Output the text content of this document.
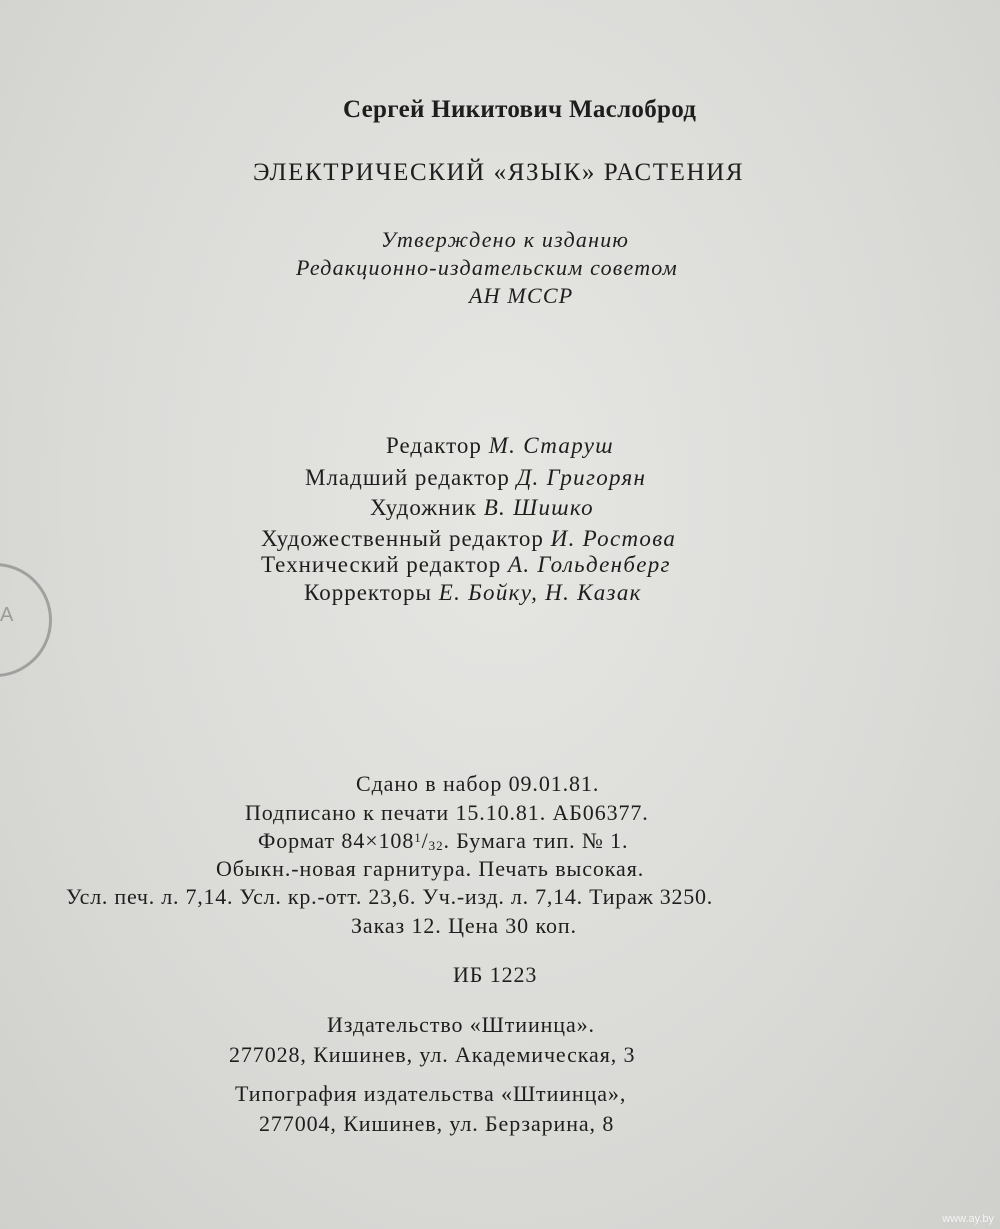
Сергей Никитович Маслоброд
ЭЛЕКТРИЧЕСКИЙ «ЯЗЫК» РАСТЕНИЯ
Утверждено к изданию
Редакционно-издательским советом
АН МССР
Редактор М. Старуш
Младший редактор Д. Григорян
Художник В. Шишко
Художественный редактор И. Ростова
Технический редактор А. Гольденберг
Корректоры Е. Бойку, Н. Казак
Сдано в набор 09.01.81.
Подписано к печати 15.10.81. АБ06377.
Формат $84\times 108^1/_{32}$. Бумага тип. № 1.
Обыкн.-новая гарнитура. Печать высокая.
Усл. печ. л. 7,14. Усл. кр.-отт. 23,6. Уч.-изд. л. 7,14. Тираж 3250.
Заказ 12. Цена 30 коп.
ИБ 1223
Издательство «Штиинца».
277028, Кишинев, ул. Академическая, 3
Типография издательства «Штиинца»,
277004, Кишинев, ул. Берзарина, 8
А
www.ay.by
